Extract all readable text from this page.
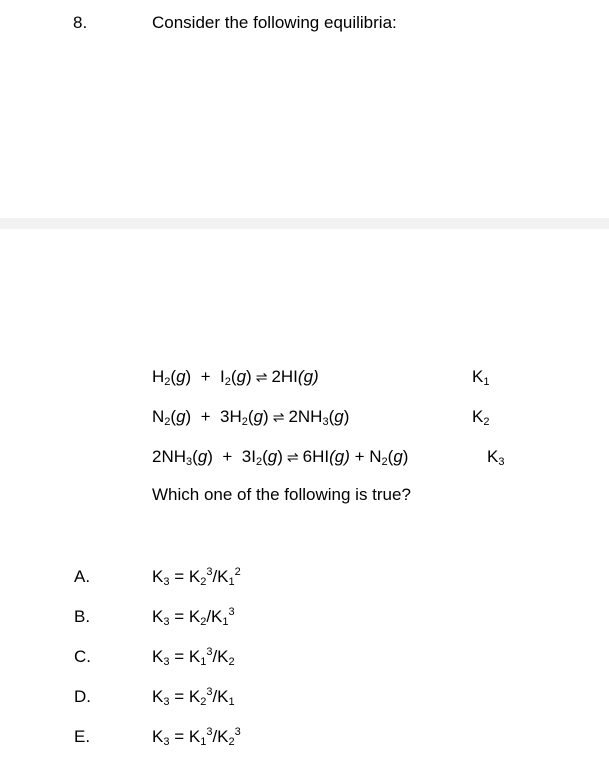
8.	Consider the following equilibria:
$H_2(g) + I_2(g)$ ⇌ 2HI(g)	$K_1$
$N_2(g) + 3H_2(g)$ ⇌ $2NH_3(g)$	$K_2$
$2NH_3(g) + 3I_2(g)$ ⇌ $6HI(g) + N_2(g)$	$K_3$
Which one of the following is true?
A.	$K_3 = K_2^3/K_1^2$
B.	$K_3 = K_2/K_1^3$
C.	$K_3 = K_1^3/K_2$
D.	$K_3 = K_2^3/K_1$
E.	$K_3 = K_1^3/K_2^3$
